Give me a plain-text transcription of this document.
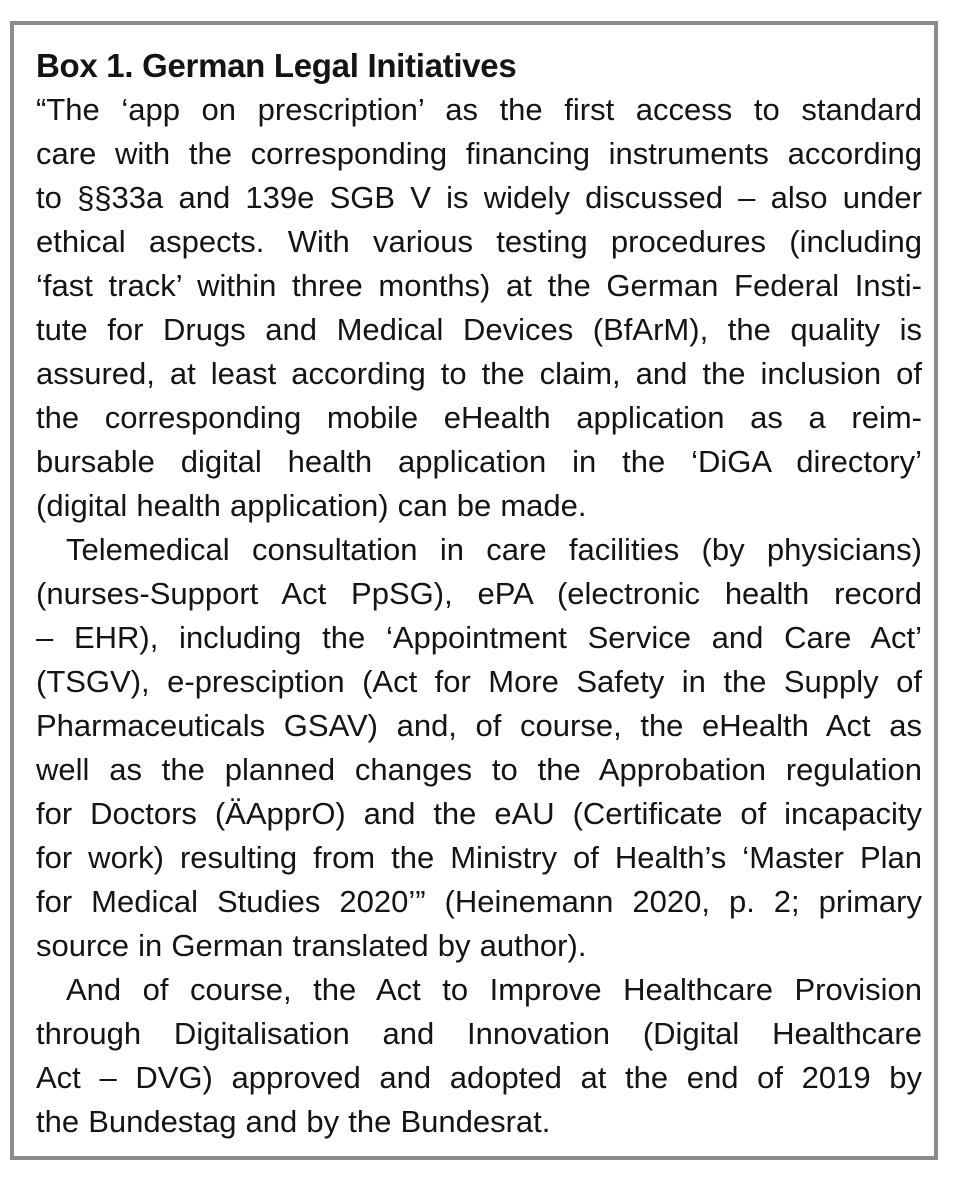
Box 1. German Legal Initiatives
“The ‘app on prescription’ as the first access to standard
care with the corresponding financing instruments according
to §§33a and 139e SGB V is widely discussed – also under
ethical aspects. With various testing procedures (including
‘fast track’ within three months) at the German Federal Insti-
tute for Drugs and Medical Devices (BfArM), the quality is
assured, at least according to the claim, and the inclusion of
the corresponding mobile eHealth application as a reim-
bursable digital health application in the ‘DiGA directory’
(digital health application) can be made.
Telemedical consultation in care facilities (by physicians)
(nurses-Support Act PpSG), ePA (electronic health record
– EHR), including the ‘Appointment Service and Care Act’
(TSGV), e-presciption (Act for More Safety in the Supply of
Pharmaceuticals GSAV) and, of course, the eHealth Act as
well as the planned changes to the Approbation regulation
for Doctors (ÄApprO) and the eAU (Certificate of incapacity
for work) resulting from the Ministry of Health’s ‘Master Plan
for Medical Studies 2020’” (Heinemann 2020, p. 2; primary
source in German translated by author).
And of course, the Act to Improve Healthcare Provision
through Digitalisation and Innovation (Digital Healthcare
Act – DVG) approved and adopted at the end of 2019 by
the Bundestag and by the Bundesrat.
